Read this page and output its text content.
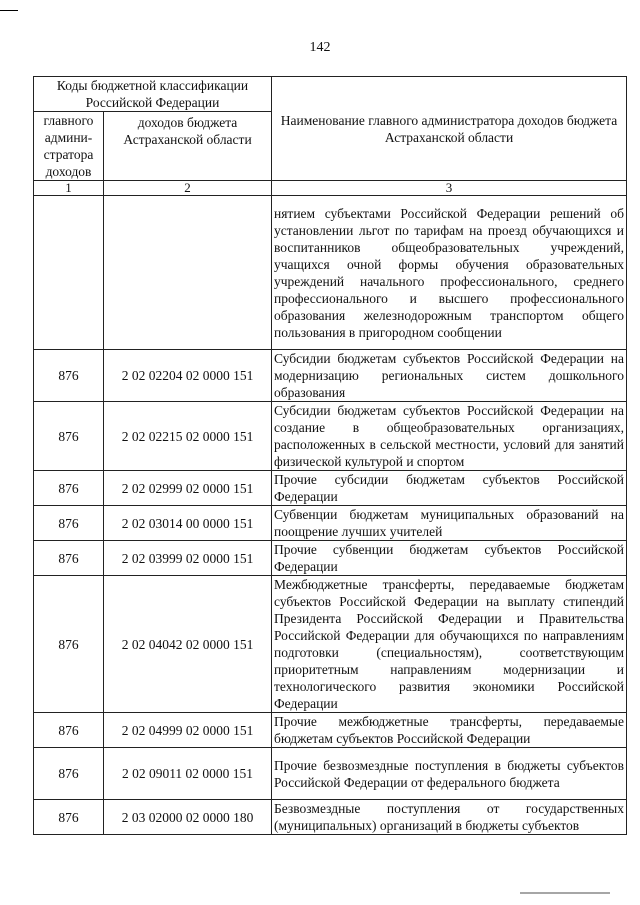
142
Коды бюджетной классификации Российской Федерации		Наименование главного администратора доходов бюджета Астраханской области
главного админи-стратора доходов	доходов бюджета Астраханской области	
1	2	3
		нятием субъектами Российской Федерации решений об установлении льгот по тарифам на проезд обучающихся и воспитанников общеобразовательных учреждений, учащихся очной формы обучения образовательных учреждений начального профессионального, среднего профессионального и высшего профессионального образования железнодорожным транспортом общего пользования в пригородном сообщении
876	2 02 02204 02 0000 151	Субсидии бюджетам субъектов Российской Федерации на модернизацию региональных систем дошкольного образования
876	2 02 02215 02 0000 151	Субсидии бюджетам субъектов Российской Федерации на создание в общеобразовательных организациях, расположенных в сельской местности, условий для занятий физической культурой и спортом
876	2 02 02999 02 0000 151	Прочие субсидии бюджетам субъектов Российской Федерации
876	2 02 03014 00 0000 151	Субвенции бюджетам муниципальных образований на поощрение лучших учителей
876	2 02 03999 02 0000 151	Прочие субвенции бюджетам субъектов Российской Федерации
876	2 02 04042 02 0000 151	Межбюджетные трансферты, передаваемые бюджетам субъектов Российской Федерации на выплату стипендий Президента Российской Федерации и Правительства Российской Федерации для обучающихся по направлениям подготовки (специальностям), соответствующим приоритетным направлениям модернизации и технологического развития экономики Российской Федерации
876	2 02 04999 02 0000 151	Прочие межбюджетные трансферты, передаваемые бюджетам субъектов Российской Федерации
876	2 02 09011 02 0000 151	Прочие безвозмездные поступления в бюджеты субъектов Российской Федерации от федерального бюджета
876	2 03 02000 02 0000 180	Безвозмездные поступления от государственных (муниципальных) организаций в бюджеты субъектов
